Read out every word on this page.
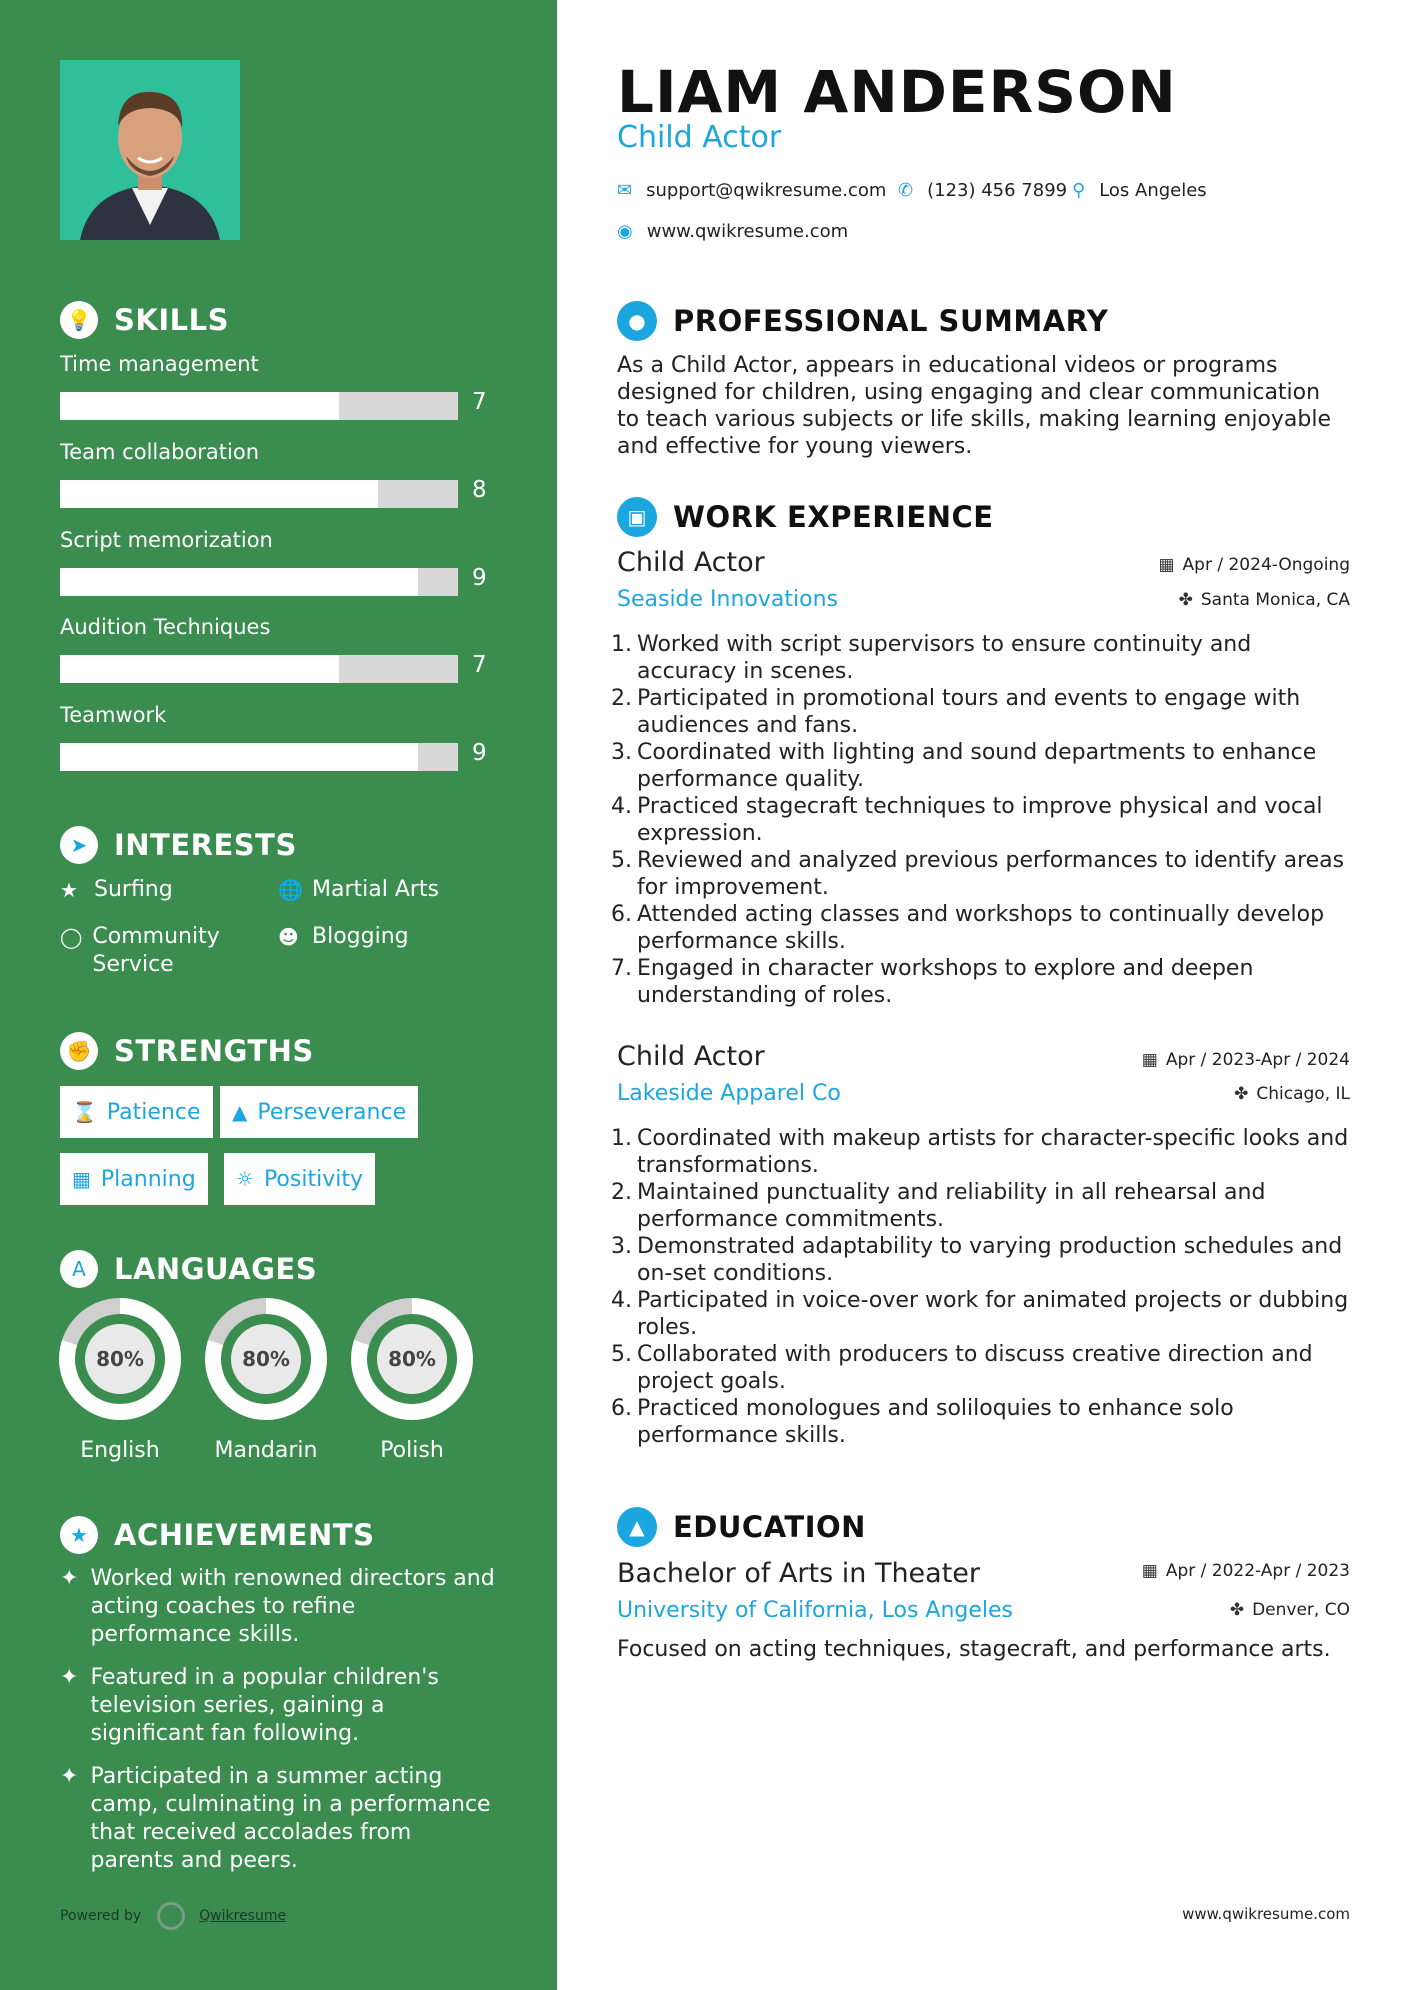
💡 SKILLS
Time management
7
Team collaboration
8
Script memorization
9
Audition Techniques
7
Teamwork
9
➤ INTERESTS
★ Surfing	🌐 Martial Arts
◯ Community Service
☻ Blogging
✊ STRENGTHS
⌛ Patience ▲ Perseverance
▦ Planning ☼ Positivity
A LANGUAGES
80%
English
80%
Mandarin
80%
Polish
★ ACHIEVEMENTS
✦ Worked with renowned directors and acting coaches to refine performance skills.
✦ Featured in a popular children's television series, gaining a significant fan following.
✦ Participated in a summer acting camp, culminating in a performance that received accolades from parents and peers.
Powered by	Qwikresume
LIAM ANDERSON
Child Actor
✉ support@qwikresume.com ✆ (123) 456 7899 ⚲ Los Angeles
◉ www.qwikresume.com
● PROFESSIONAL SUMMARY
As a Child Actor, appears in educational videos or programs designed for children, using engaging and clear communication to teach various subjects or life skills, making learning enjoyable and effective for young viewers.
▣ WORK EXPERIENCE
Child Actor	▦ Apr / 2024-Ongoing
Seaside Innovations	✤ Santa Monica, CA
1. Worked with script supervisors to ensure continuity and accuracy in scenes.
2. Participated in promotional tours and events to engage with audiences and fans.
3. Coordinated with lighting and sound departments to enhance performance quality.
4. Practiced stagecraft techniques to improve physical and vocal expression.
5. Reviewed and analyzed previous performances to identify areas for improvement.
6. Attended acting classes and workshops to continually develop performance skills.
7. Engaged in character workshops to explore and deepen understanding of roles.
Child Actor	▦ Apr / 2023-Apr / 2024
Lakeside Apparel Co	✤ Chicago, IL
1. Coordinated with makeup artists for character-specific looks and transformations.
2. Maintained punctuality and reliability in all rehearsal and performance commitments.
3. Demonstrated adaptability to varying production schedules and on-set conditions.
4. Participated in voice-over work for animated projects or dubbing roles.
5. Collaborated with producers to discuss creative direction and project goals.
6. Practiced monologues and soliloquies to enhance solo performance skills.
▲ EDUCATION
Bachelor of Arts in Theater	▦ Apr / 2022-Apr / 2023
University of California, Los Angeles	✤ Denver, CO
Focused on acting techniques, stagecraft, and performance arts.
www.qwikresume.com
